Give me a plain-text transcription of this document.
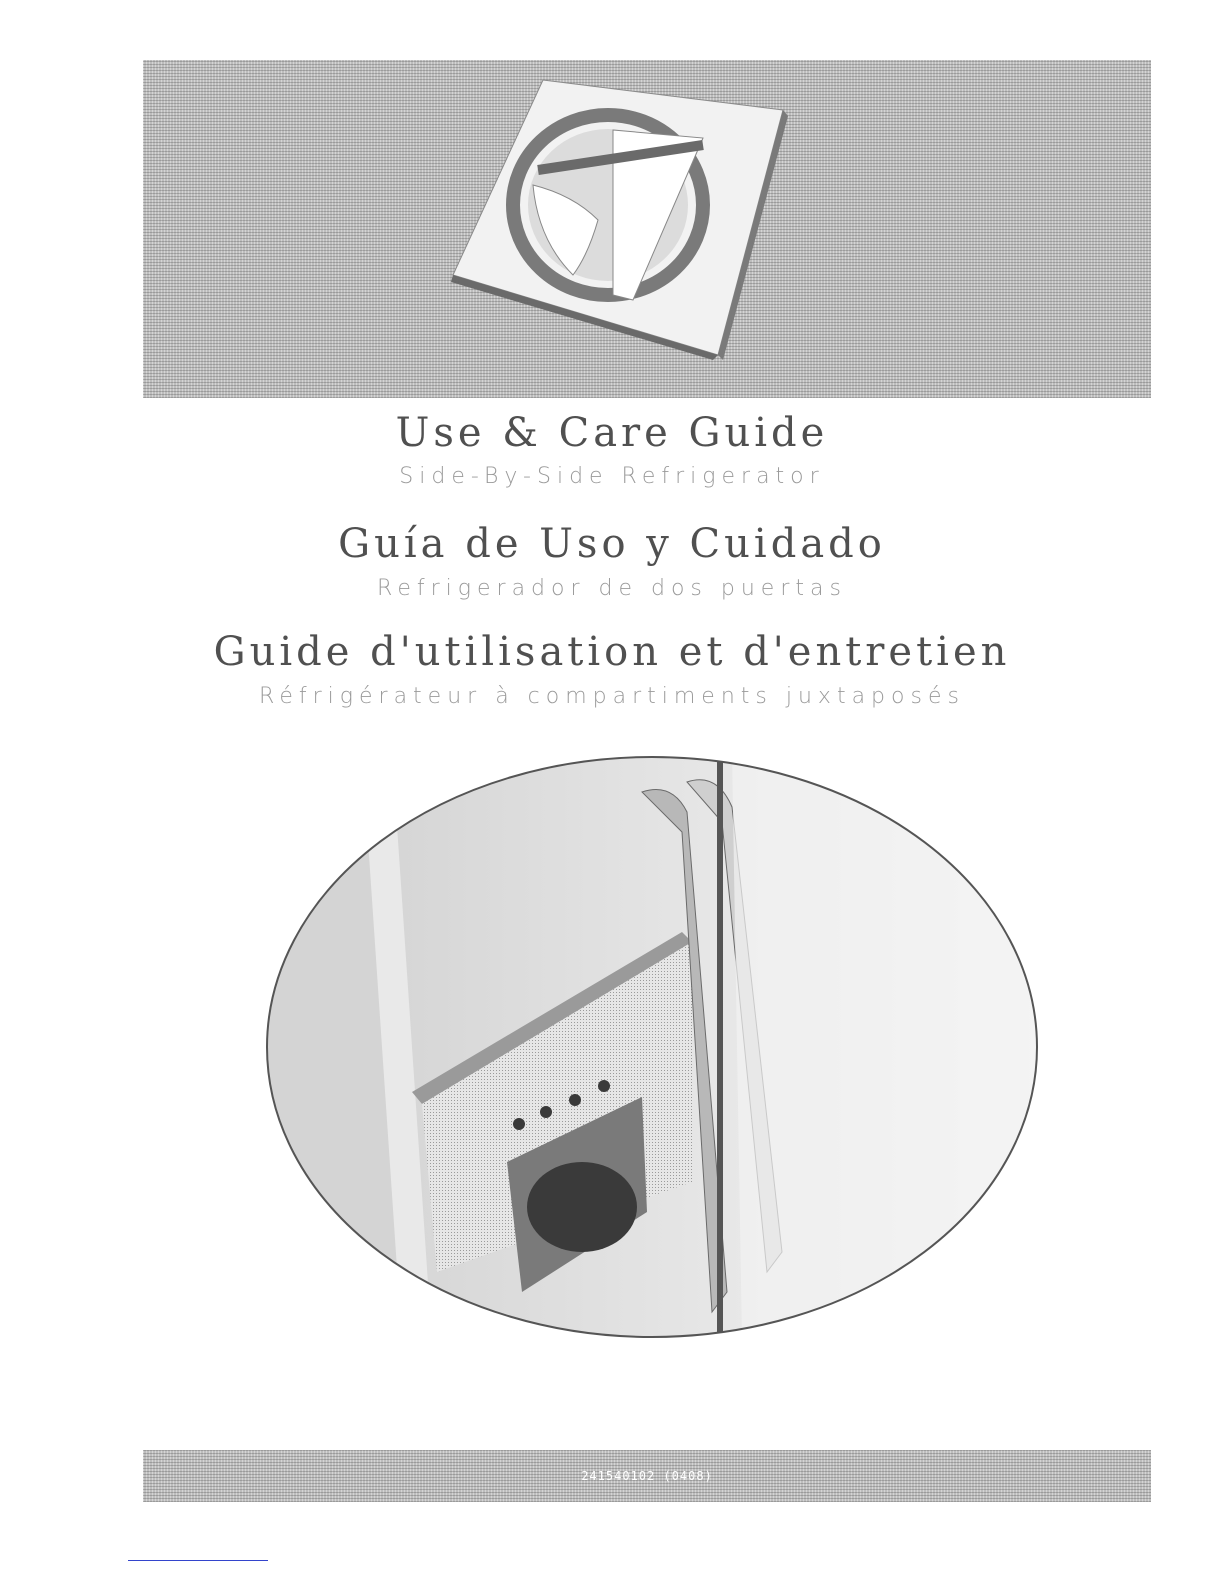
Use & Care Guide
Side-By-Side Refrigerator
Guía de Uso y Cuidado
Refrigerador de dos puertas
Guide d'utilisation et d'entretien
Réfrigérateur à compartiments juxtaposés
241540102 (0408)
